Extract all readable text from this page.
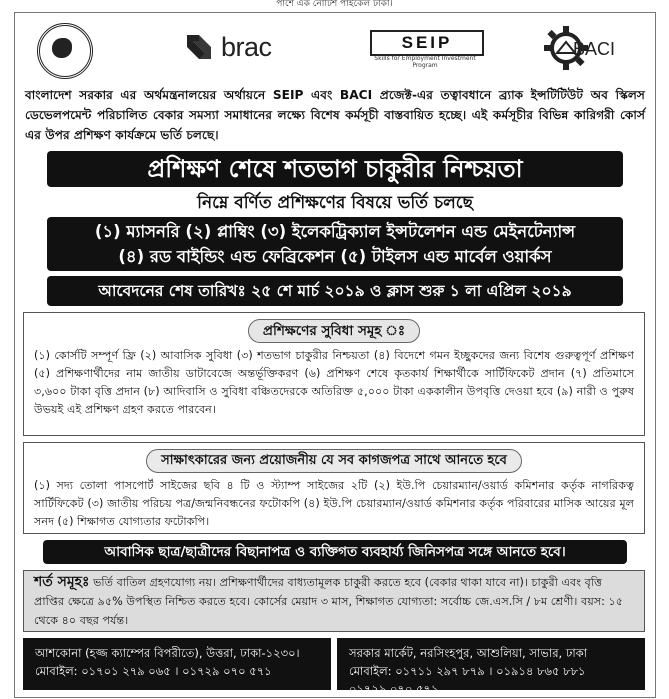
পাশে এক নোটিশ পাইকেল ঢাকা।
brac	SEIP
Skills for Employment Investment Program
BACI
বাংলাদেশ সরকার এর অর্থমন্ত্রনালয়ের অর্থায়নে SEIP এবং BACI প্রজেক্ট-এর তত্বাবধানে ব্র্যাক ইন্সটিটিউট অব স্কিলস ডেভেলপমেন্ট পরিচালিত বেকার সমস্যা সমাধানের লক্ষ্যে বিশেষ কর্মসূচী বাস্তবায়িত হচ্ছে। এই কর্মসূচীর বিভিন্ন কারিগরী কোর্স এর উপর প্রশিক্ষণ কার্যক্রমে ভর্তি চলছে।
প্রশিক্ষণ শেষে শতভাগ চাকুরীর নিশ্চয়তা
নিম্নে বর্ণিত প্রশিক্ষণের বিষয়ে ভর্তি চলছে
(১) ম্যাসনরি (২) প্লাম্বিং (৩) ইলেকট্রিক্যাল ইন্সটলেশন এন্ড মেইনটেন্যান্স
(৪) রড বাইন্ডিং এন্ড ফেব্রিকেশন (৫) টাইলস এন্ড মার্বেল ওয়ার্কস
আবেদনের শেষ তারিখঃ ২৫ শে মার্চ ২০১৯ ও ক্লাস শুরু ১ লা এপ্রিল ২০১৯
প্রশিক্ষণের সুবিধা সমূহ ঃ
(১) কোর্সটি সম্পূর্ণ ফ্রি (২) আবাসিক সুবিধা (৩) শতভাগ চাকুরীর নিশ্চয়তা (৪) বিদেশে গমন ইচ্ছুকদের জন্য বিশেষ গুরুত্বপূর্ণ প্রশিক্ষণ (৫) প্রশিক্ষণার্থীদের নাম জাতীয় ডাটাবেজে অন্তর্ভূক্তিকরণ (৬) প্রশিক্ষণ শেষে কৃতকার্য শিক্ষার্থীকে সার্টিফিকেট প্রদান (৭) প্রতিমাসে ৩,৬০০ টাকা বৃত্তি প্রদান (৮) আদিবাসি ও সুবিধা বঞ্চিতদেরকে অতিরিক্ত ৫,০০০ টাকা এককালীন উপবৃত্তি দেওয়া হবে (৯) নারী ও পুরুষ উভয়ই এই প্রশিক্ষণ গ্রহণ করতে পারবেন।
সাক্ষাৎকারের জন্য প্রয়োজনীয় যে সব কাগজপত্র সাথে আনতে হবে
(১) সদ্য তোলা পাসপোর্ট সাইজের ছবি ৪ টি ও স্ট্যাম্প সাইজের ২টি (২) ইউ.পি চেয়ারম্যান/ওয়ার্ড কমিশনার কর্তৃক নাগরিকত্ব সার্টিফিকেট (৩) জাতীয় পরিচয় পত্র/জন্মনিবন্ধনের ফটোকপি (৪) ইউ.পি চেয়ারম্যান/ওয়ার্ড কমিশনার কর্তৃক পরিবারের মাসিক আয়ের মূল সনদ (৫) শিক্ষাগত যোগ্যতার ফটোকপি।
আবাসিক ছাত্র/ছাত্রীদের বিছানাপত্র ও ব্যক্তিগত ব্যবহার্য্য জিনিসপত্র সঙ্গে আনতে হবে।
শর্ত সমূহঃ ভর্তি বাতিল গ্রহণযোগ্য নয়। প্রশিক্ষণার্থীদের বাধ্যতামূলক চাকুরী করতে হবে (বেকার থাকা যাবে না)। চাকুরী এবং বৃত্তি প্রাপ্তির ক্ষেত্রে ৯৫% উপস্থিত নিশ্চিত করতে হবে। কোর্সের মেয়াদ ৩ মাস, শিক্ষাগত যোগ্যতা: সর্বোচ্চ জে.এস.সি / ৮ম শ্রেণী। বয়স: ১৫ থেকে ৪০ বছর পর্যন্ত।
আশকোনা (হজ্জ ক্যাম্পের বিপরীতে), উত্তরা, ঢাকা-১২৩০।
মোবাইল: ০১৭০১ ২৭৯ ০৬৫ । ০১৭২৯ ০৭০ ৫৭১
সরকার মার্কেট, নরসিংহপুর, আশুলিয়া, সাভার, ঢাকা
মোবাইল: ০১৭১১ ২৯৭ ৮৭৯ । ০১৯১৪ ৮৬৫ ৮৮১
০১৭২৯ ০৭০ ৫৭১
